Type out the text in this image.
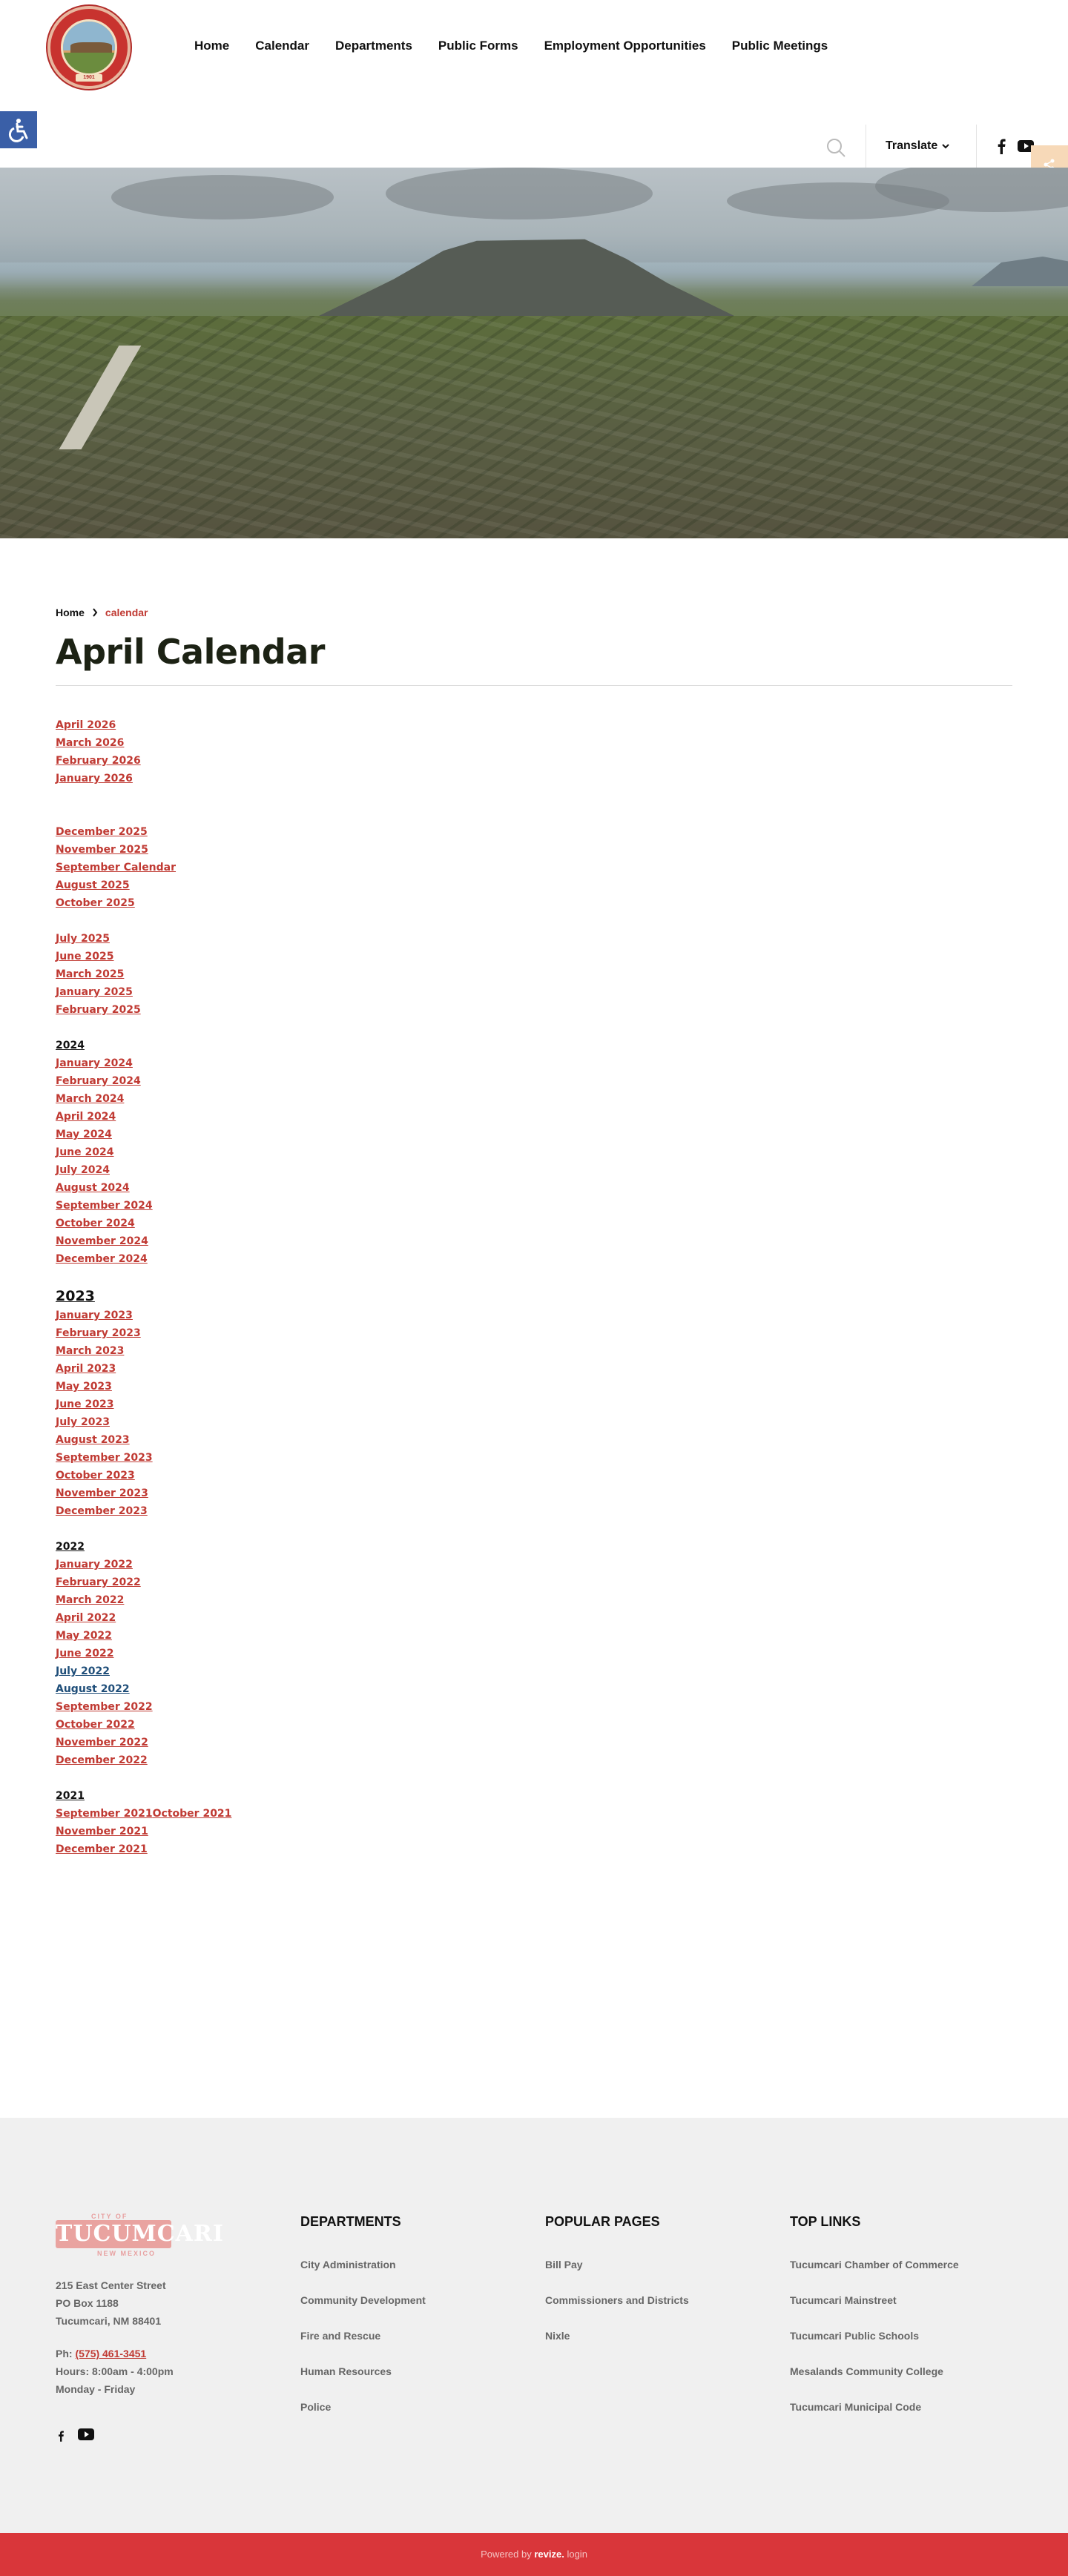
1901
Home Calendar Departments Public Forms Employment Opportunities Public Meetings
Translate
Home calendar
April Calendar
April 2026
March 2026
February 2026
January 2026
December 2025
November 2025
September Calendar
August 2025
October 2025
July 2025
June 2025
March 2025
January 2025
February 2025
2024
January 2024
February 2024
March 2024
April 2024
May 2024
June 2024
July 2024
August 2024
September 2024
October 2024
November 2024
December 2024
2023
January 2023
February 2023
March 2023
April 2023
May 2023
June 2023
July 2023
August 2023
September 2023
October 2023
November 2023
December 2023
2022
January 2022
February 2022
March 2022
April 2022
May 2022
June 2022
July 2022
August 2022
September 2022
October 2022
November 2022
December 2022
2021
September 2021October 2021
November 2021
December 2021
CITY OF
TUCUMCARI
NEW MEXICO
215 East Center Street
PO Box 1188
Tucumcari, NM 88401
Ph: (575) 461-3451
Hours: 8:00am - 4:00pm
Monday - Friday
DEPARTMENTS
City Administration
Community Development
Fire and Rescue
Human Resources
Police
POPULAR PAGES
Bill Pay
Commissioners and Districts
Nixle
TOP LINKS
Tucumcari Chamber of Commerce
Tucumcari Mainstreet
Tucumcari Public Schools
Mesalands Community College
Tucumcari Municipal Code
Powered by revize. login
